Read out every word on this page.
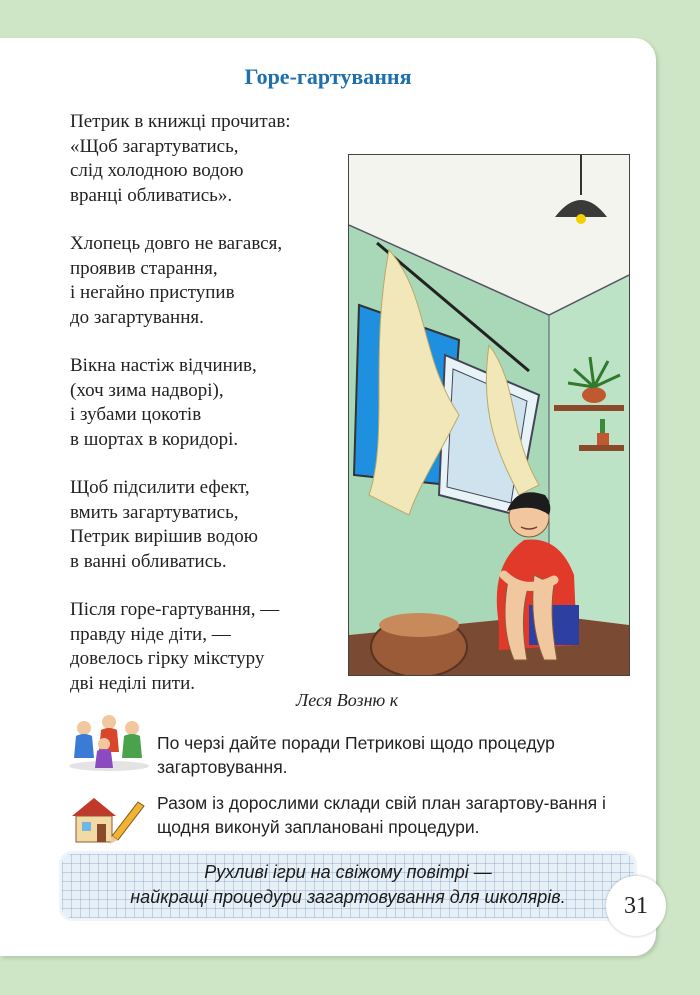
Горе-гартування
Петрик в книжці прочитав:
«Щоб загартуватись,
слід холодною водою
вранці обливатись».
Хлопець довго не вагався,
проявив старання,
і негайно приступив
до загартування.
Вікна настіж відчинив,
(хоч зима надворі),
і зубами цокотів
в шортах в коридорі.
Щоб підсилити ефект,
вмить загартуватись,
Петрик вирішив водою
в ванні обливатись.
Після горе-гартування, —
правду ніде діти, —
довелось гірку мікстуру
дві неділі пити.
Леся Возню к
По черзі дайте поради Петрикові щодо процедур загартовування.
Разом із дорослими склади свій план загартову-вання і щодня виконуй заплановані процедури.
Рухливі ігри на свіжому повітрі —
найкращі процедури загартовування для школярів.	31
